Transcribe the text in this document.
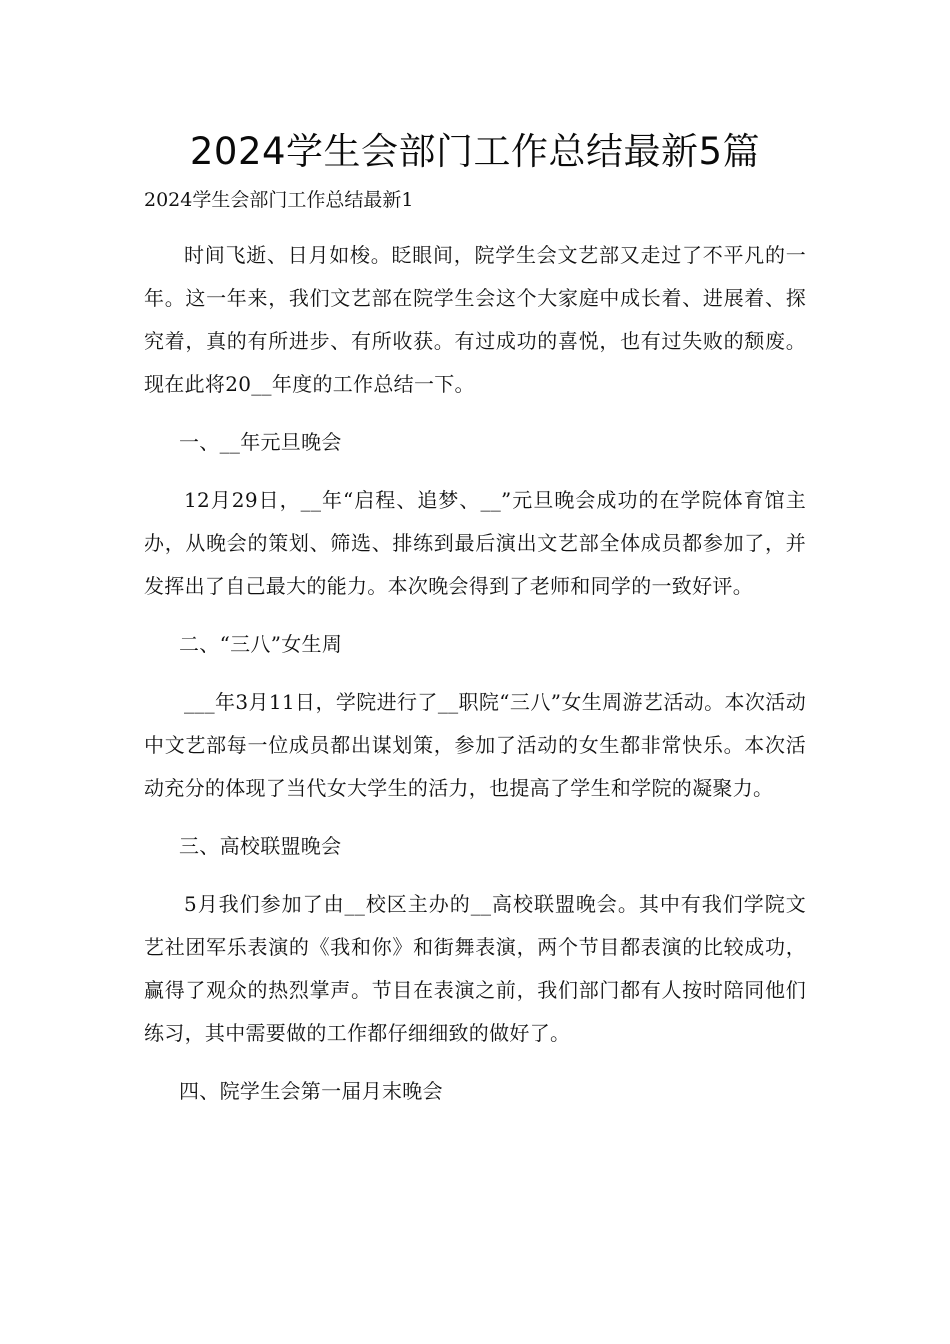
2024学生会部门工作总结最新5篇
2024学生会部门工作总结最新1

时间飞逝、日月如梭。眨眼间，院学生会文艺部又走过了不平凡的一年。这一年来，我们文艺部在院学生会这个大家庭中成长着、进展着、探究着，真的有所进步、有所收获。有过成功的喜悦，也有过失败的颓废。现在此将20__年度的工作总结一下。

一、__年元旦晚会

12月29日，__年“启程、追梦、__”元旦晚会成功的在学院体育馆主办，从晚会的策划、筛选、排练到最后演出文艺部全体成员都参加了，并发挥出了自己最大的能力。本次晚会得到了老师和同学的一致好评。

二、“三八”女生周

___年3月11日，学院进行了__职院“三八”女生周游艺活动。本次活动中文艺部每一位成员都出谋划策，参加了活动的女生都非常快乐。本次活动充分的体现了当代女大学生的活力，也提高了学生和学院的凝聚力。

三、高校联盟晚会

5月我们参加了由__校区主办的__高校联盟晚会。其中有我们学院文艺社团军乐表演的《我和你》和街舞表演，两个节目都表演的比较成功，赢得了观众的热烈掌声。节目在表演之前，我们部门都有人按时陪同他们练习，其中需要做的工作都仔细细致的做好了。

四、院学生会第一届月末晚会
